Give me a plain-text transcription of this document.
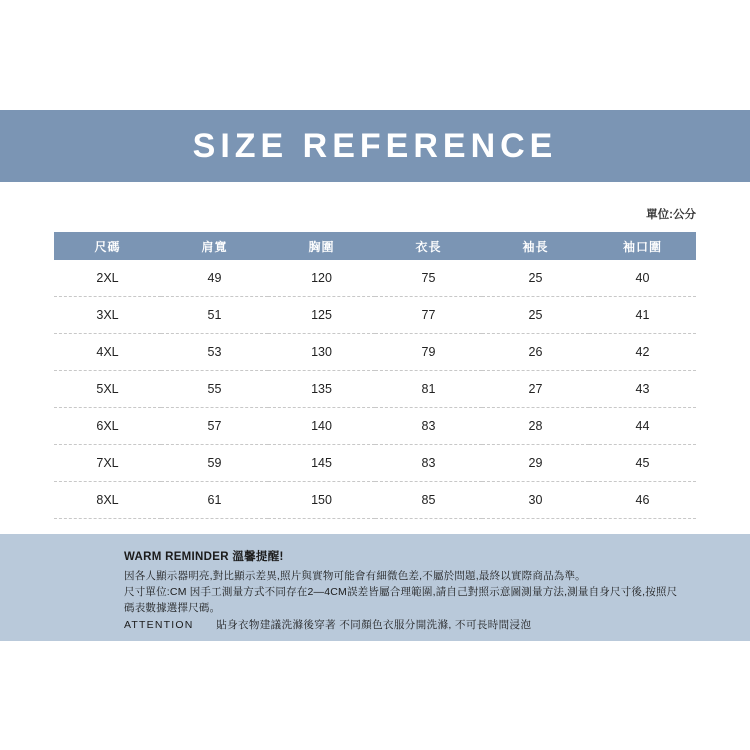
SIZE REFERENCE
單位:公分
尺碼	肩寬	胸圍	衣長	袖長	袖口圍
2XL	49	120	75	25	40
3XL	51	125	77	25	41
4XL	53	130	79	26	42
5XL	55	135	81	27	43
6XL	57	140	83	28	44
7XL	59	145	83	29	45
8XL	61	150	85	30	46
WARM REMINDER 溫馨提醒!
因各人顯示器明亮,對比顯示差異,照片與實物可能會有細微色差,不屬於問題,最終以實際商品為準。
尺寸單位:CM 因手工測量方式不同存在2—4CM誤差皆屬合理範圍,請自己對照示意圖測量方法,測量自身尺寸後,按照尺碼表數據選擇尺碼。
ATTENTION 貼身衣物建議洗滌後穿著 不同顏色衣服分開洗滌, 不可長時間浸泡
